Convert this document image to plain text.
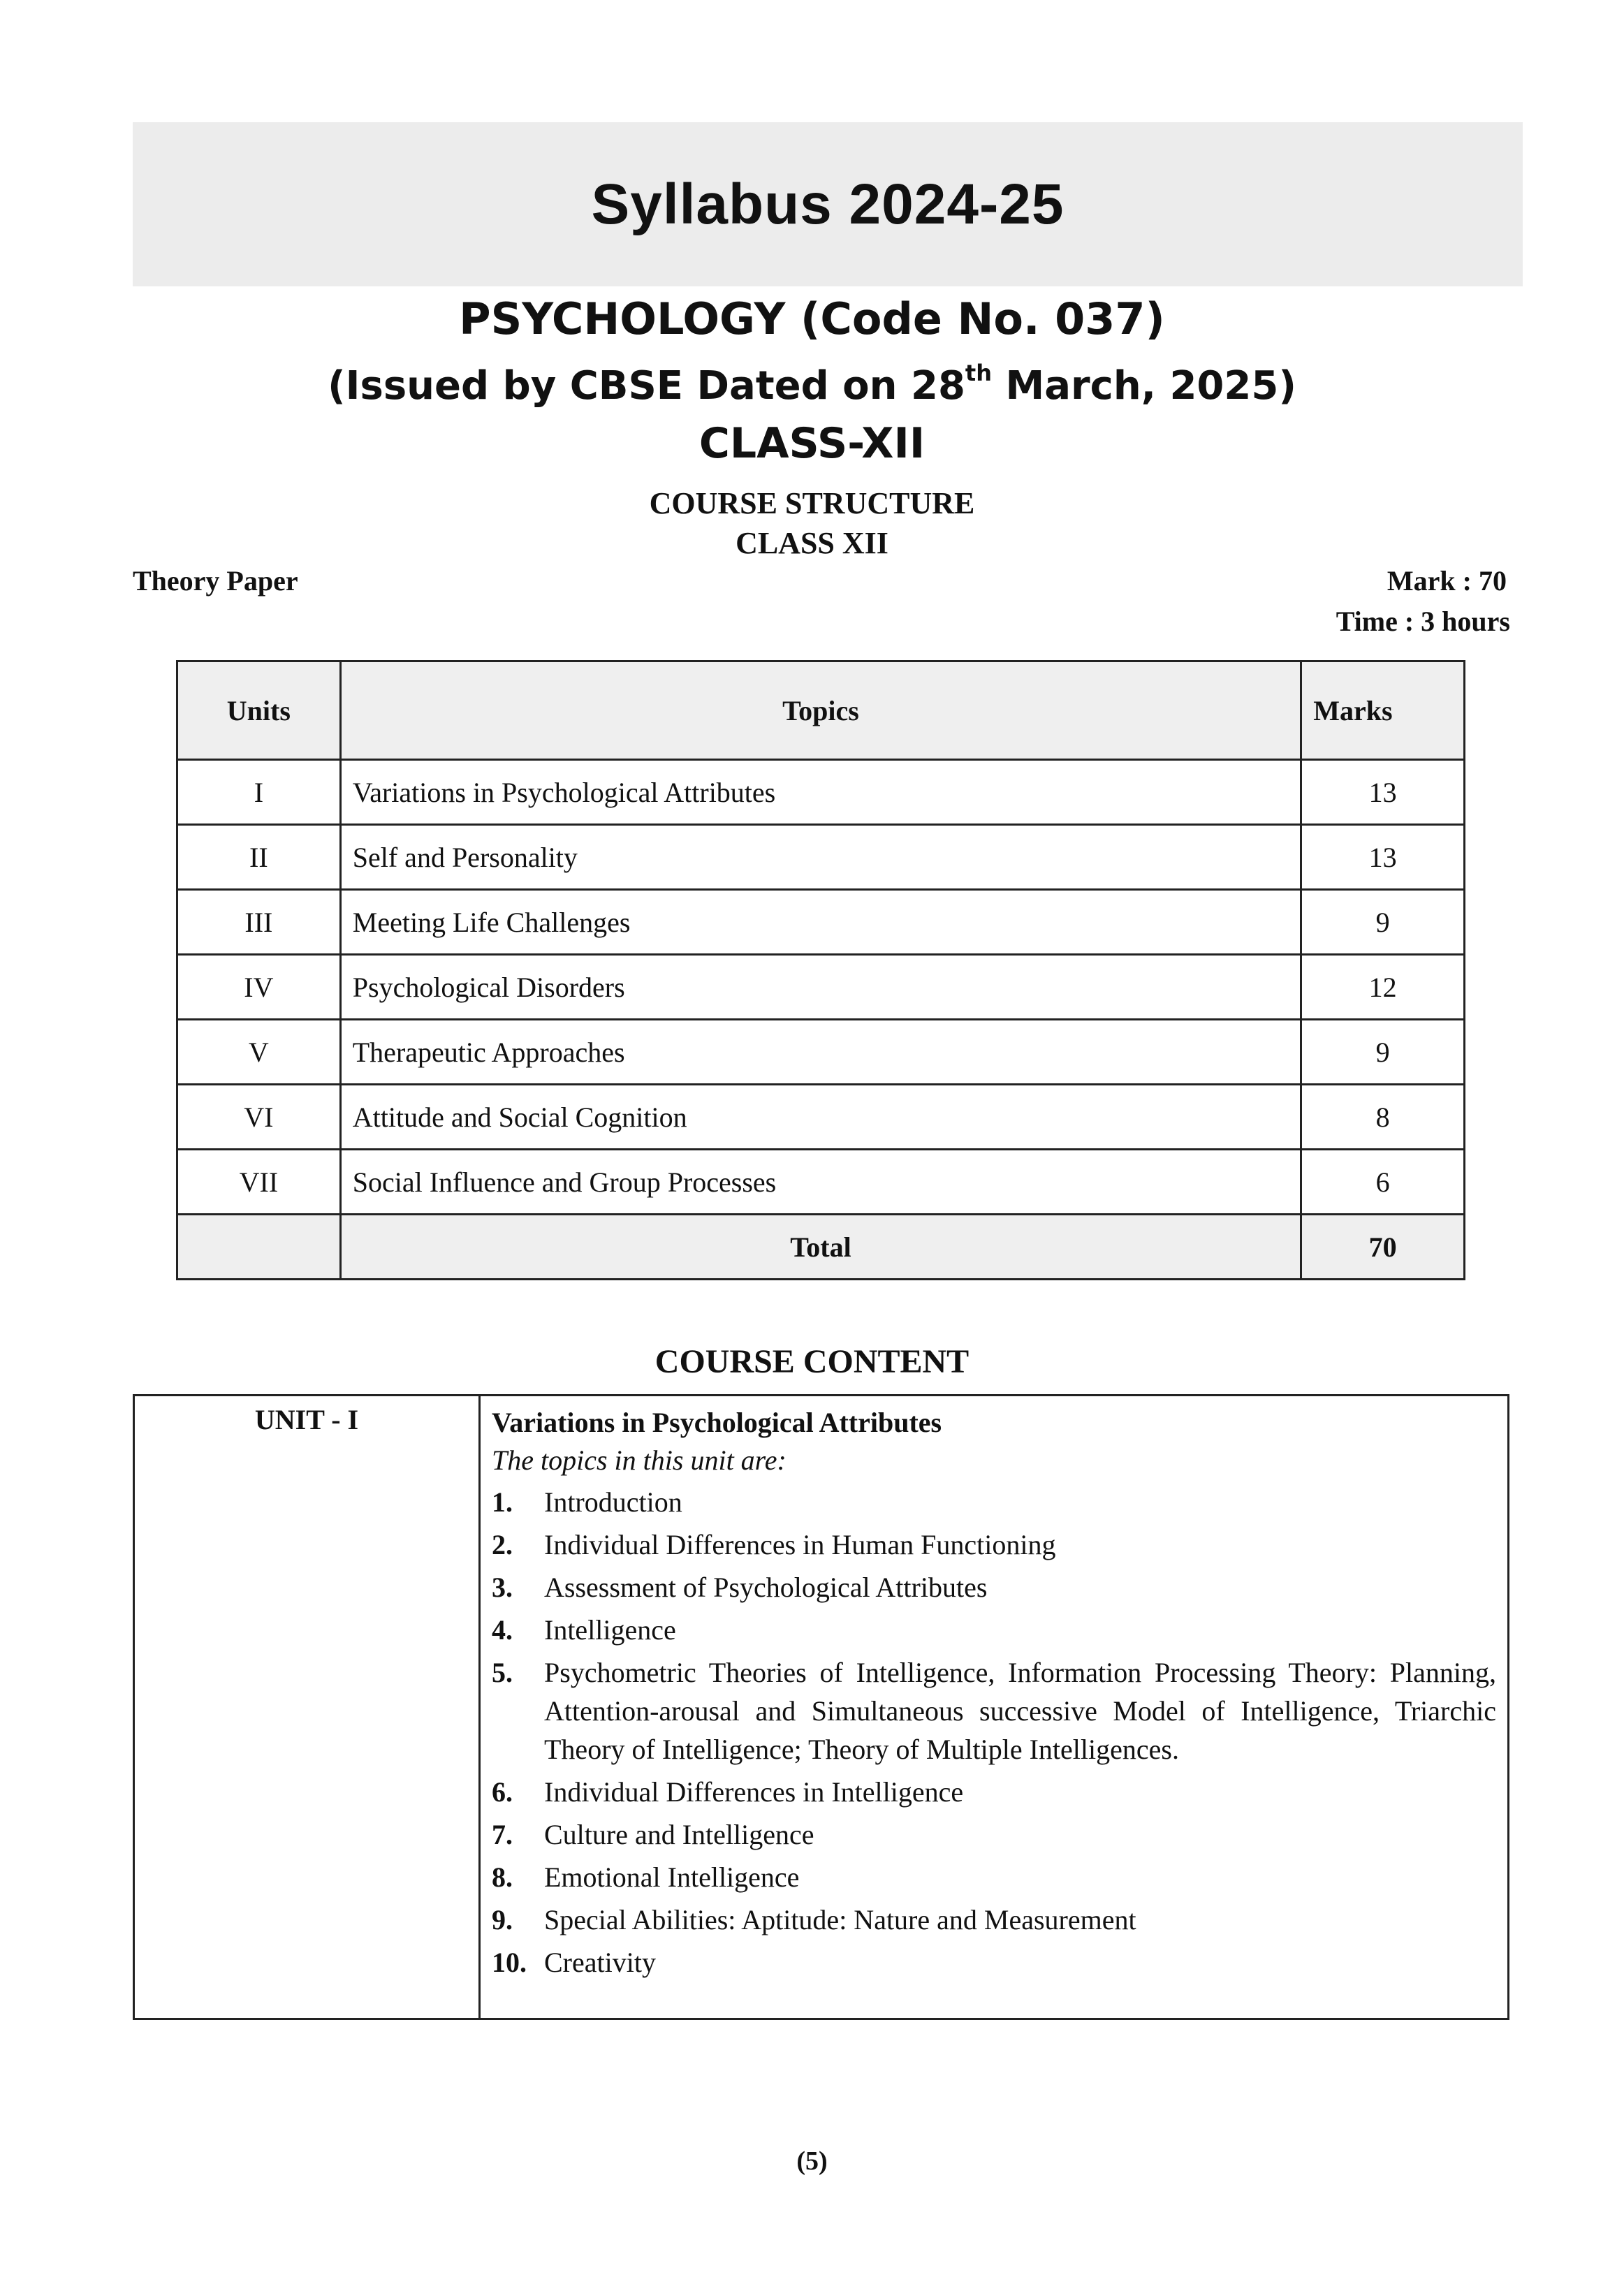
Syllabus 2024-25
PSYCHOLOGY (Code No. 037)
(Issued by CBSE Dated on 28th March, 2025)
CLASS-XII
COURSE STRUCTURE
CLASS XII
Theory Paper	Mark : 70
Time : 3 hours
Units	Topics	Marks
I	Variations in Psychological Attributes	13
II	Self and Personality	13
III	Meeting Life Challenges	9
IV	Psychological Disorders	12
V	Therapeutic Approaches	9
VI	Attitude and Social Cognition	8
VII	Social Influence and Group Processes	6
	Total	70
COURSE CONTENT
UNIT - I	Variations in Psychological Attributes
The topics in this unit are:
1.	Introduction
2.	Individual Differences in Human Functioning
3.	Assessment of Psychological Attributes
4.	Intelligence
5.	Psychometric Theories of Intelligence, Information Processing Theory: Planning, Attention-arousal and Simultaneous successive Model of Intelligence, Triarchic Theory of Intelligence; Theory of Multiple Intelligences.
6.	Individual Differences in Intelligence
7.	Culture and Intelligence
8.	Emotional Intelligence
9.	Special Abilities: Aptitude: Nature and Measurement
10. Creativity
(5)
